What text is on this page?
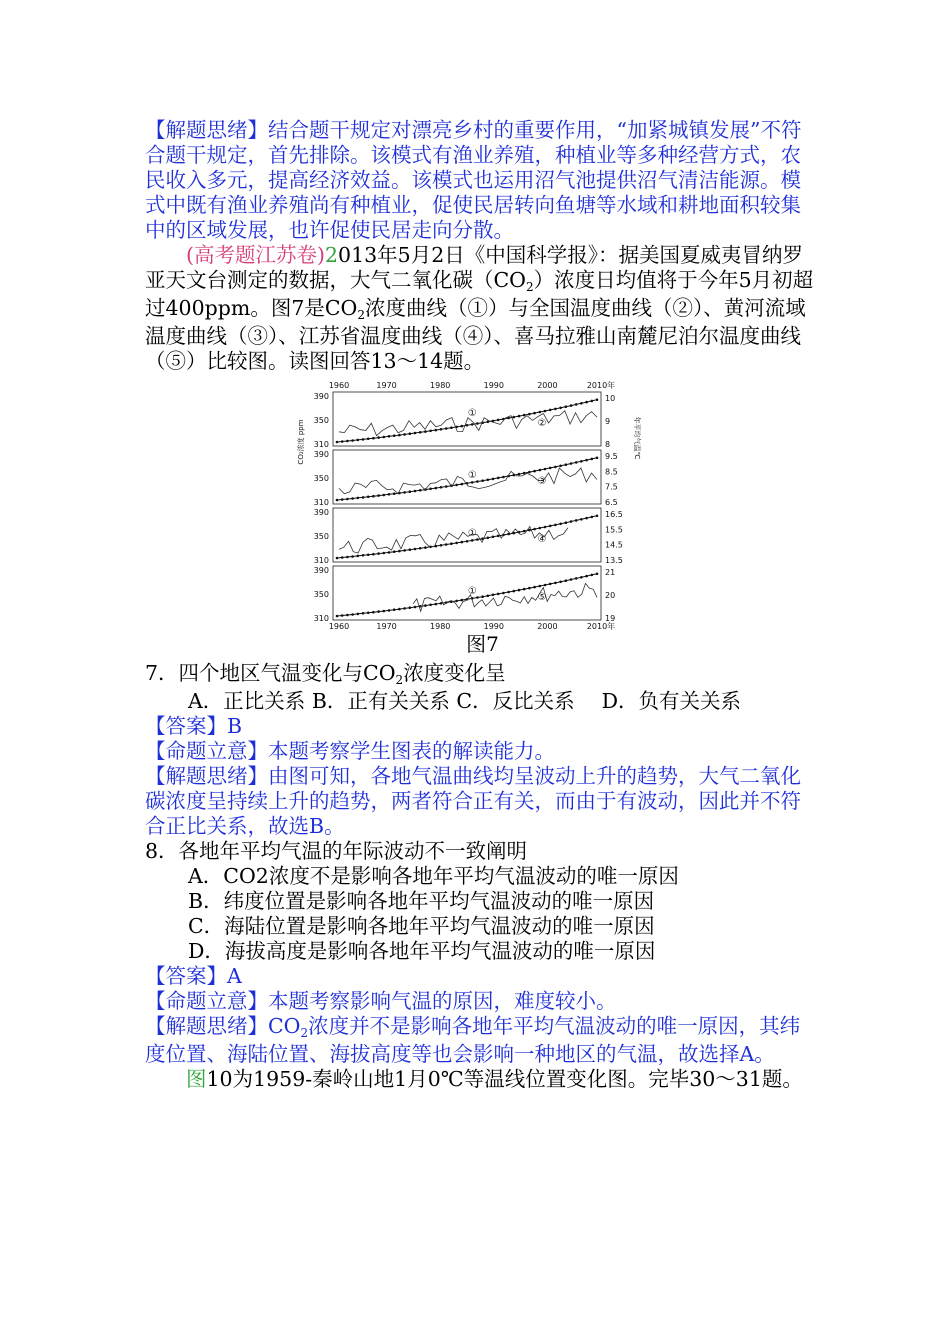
【解题思绪】结合题干规定对漂亮乡村的重要作用，“加紧城镇发展”不符合题干规定，首先排除。该模式有渔业养殖，种植业等多种经营方式，农民收入多元，提高经济效益。该模式也运用沼气池提供沼气清洁能源。模式中既有渔业养殖尚有种植业，促使民居转向鱼塘等水域和耕地面积较集中的区域发展，也许促使民居走向分散。

(高考题江苏卷)2013年5月2日《中国科学报》：据美国夏威夷冒纳罗亚天文台测定的数据，大气二氧化碳$(CO_2)$浓度日均值将于今年5月初超过400ppm。图7是$CO_2$浓度曲线（①）与全国温度曲线（②）、黄河流域温度曲线（③）、江苏省温度曲线（④）、喜马拉雅山南麓尼泊尔温度曲线（⑤）比较图。读图回答13～14题。

1960	1970	1980	1990	2000	2010年
1960	1970	1980	1990	2000	2010年
CO₂浓度 ppm	年平均气温℃
390
350
310
10
9
8
①
②
390
350
310
9.5
8.5
7.5
6.5
①
③
390
350
310
16.5
15.5
14.5
13.5
①
④
390
350
310
21
20
19
①
⑤

图7

7．四个地区气温变化与$CO_2$浓度变化呈

A．正比关系 B．正有关关系 C．反比关系　 D．负有关关系

【答案】B

【命题立意】本题考察学生图表的解读能力。

【解题思绪】由图可知，各地气温曲线均呈波动上升的趋势，大气二氧化碳浓度呈持续上升的趋势，两者符合正有关，而由于有波动，因此并不符合正比关系，故选B。

8．各地年平均气温的年际波动不一致阐明

A．CO2浓度不是影响各地年平均气温波动的唯一原因

B．纬度位置是影响各地年平均气温波动的唯一原因

C．海陆位置是影响各地年平均气温波动的唯一原因

D．海拔高度是影响各地年平均气温波动的唯一原因

【答案】A

【命题立意】本题考察影响气温的原因，难度较小。

【解题思绪】$CO_2$浓度并不是影响各地年平均气温波动的唯一原因，其纬度位置、海陆位置、海拔高度等也会影响一种地区的气温，故选择A。

图10为1959-秦岭山地1月0℃等温线位置变化图。完毕30～31题。
